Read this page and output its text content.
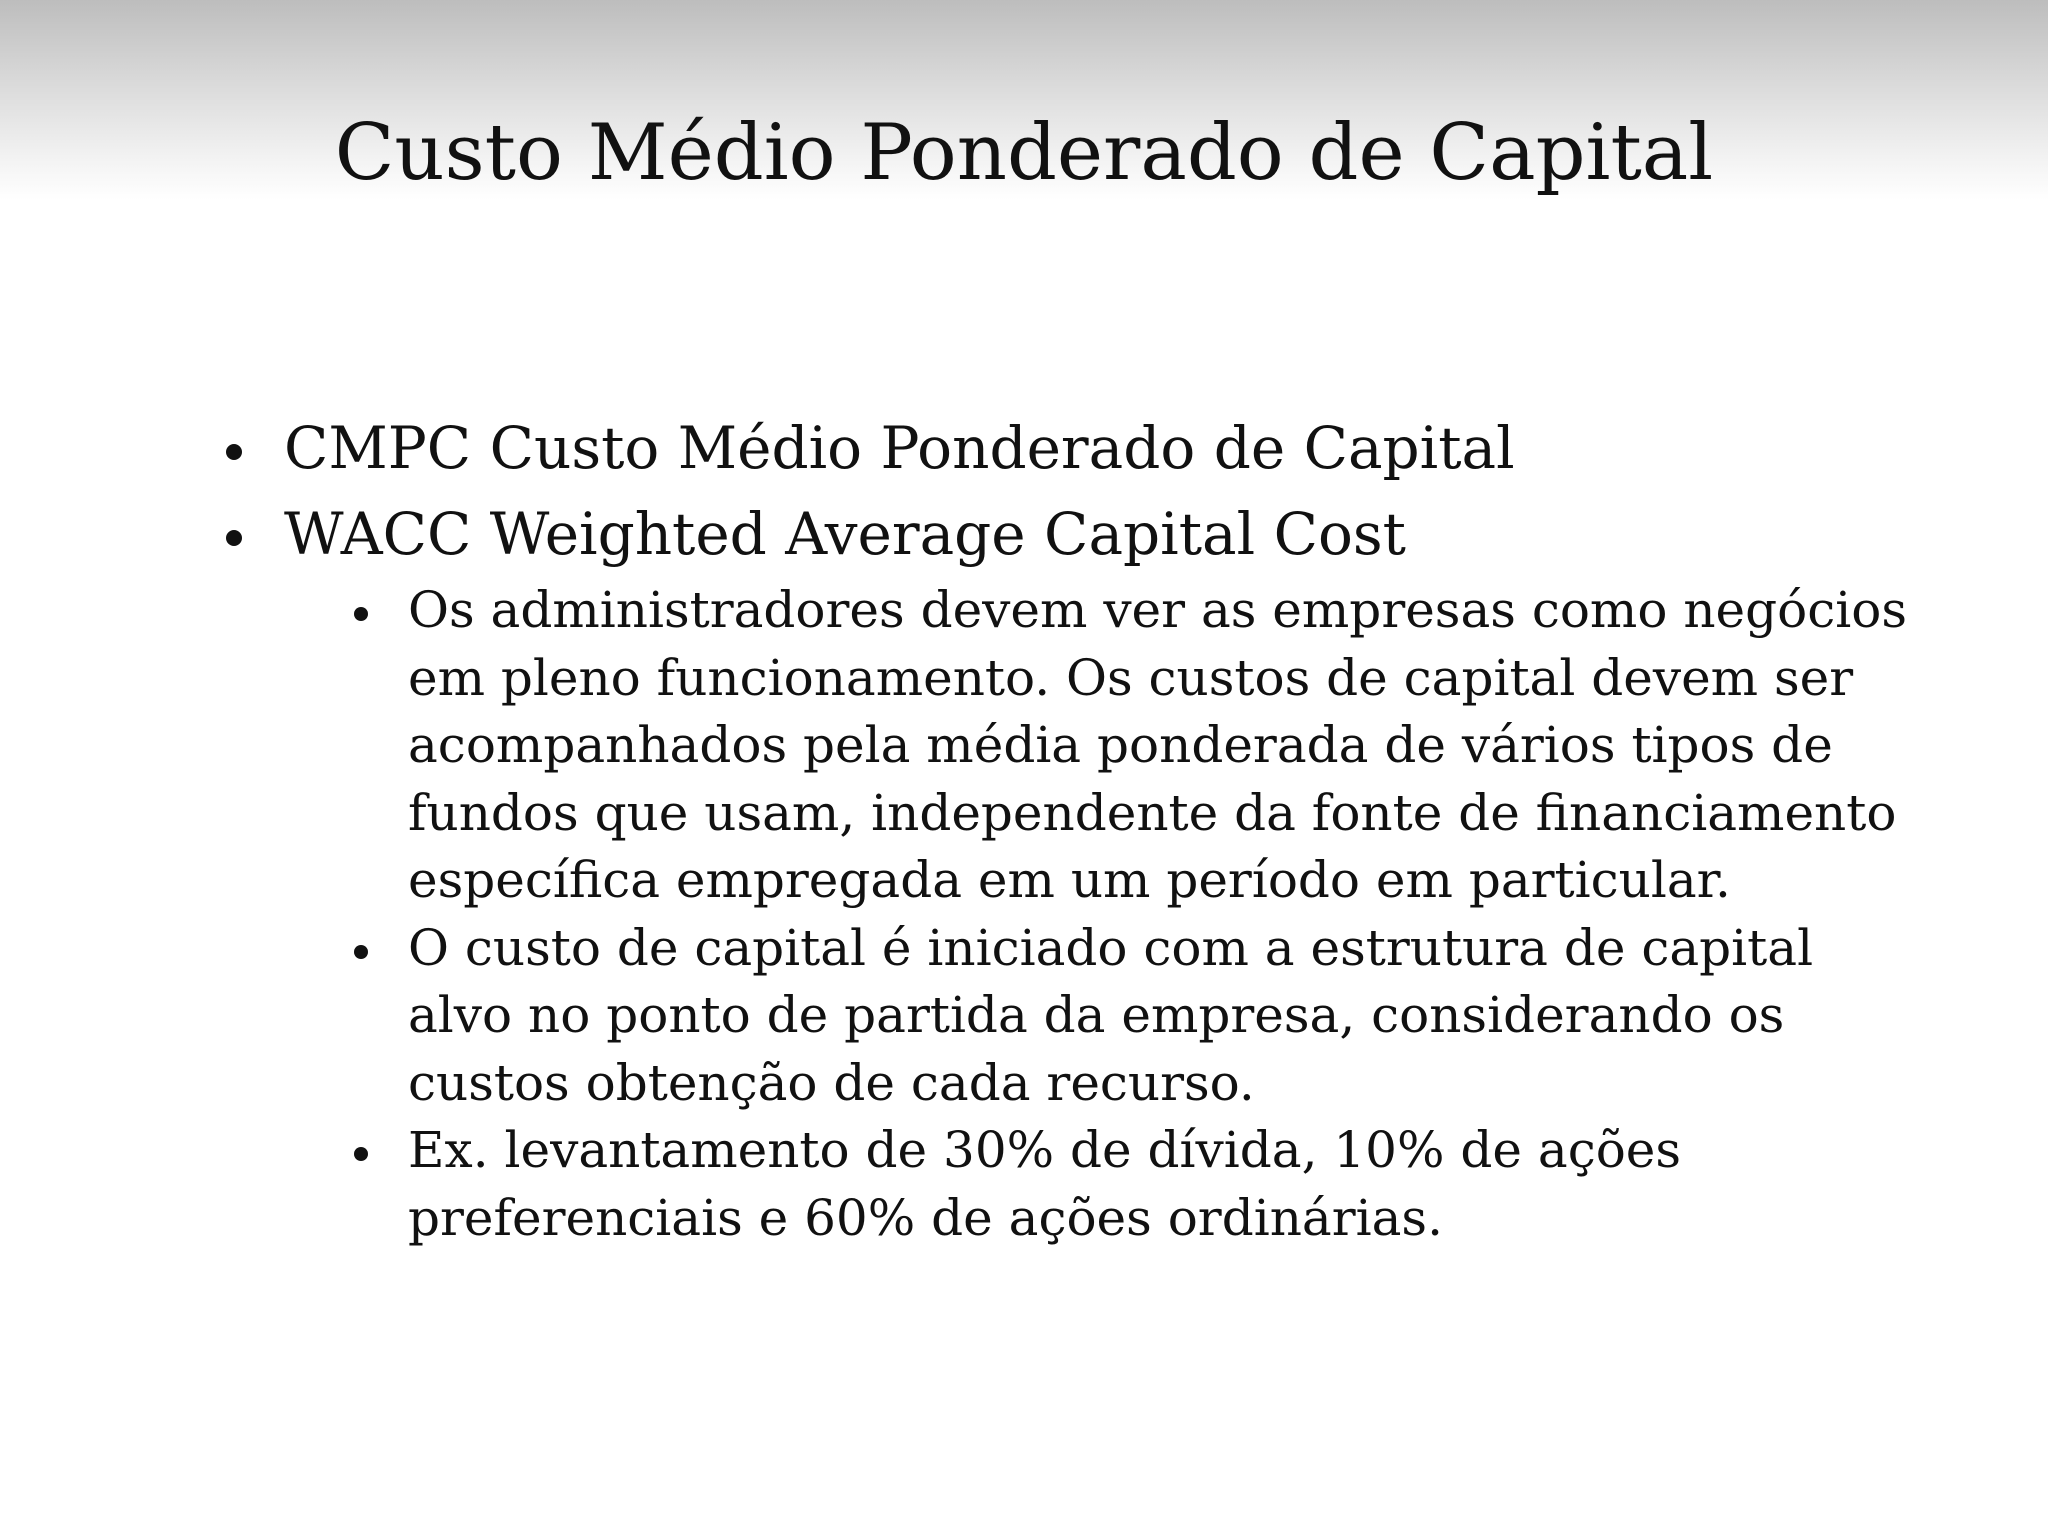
Custo Médio Ponderado de Capital
CMPC Custo Médio Ponderado de Capital
WACC Weighted Average Capital Cost
Os administradores devem ver as empresas como negócios em pleno funcionamento. Os custos de capital devem ser acompanhados pela média ponderada de vários tipos de fundos que usam, independente da fonte de financiamento específica empregada em um período em particular.
O custo de capital é iniciado com a estrutura de capital alvo no ponto de partida da empresa, considerando os custos obtenção de cada recurso.
Ex. levantamento de 30% de dívida, 10% de ações preferenciais e 60% de ações ordinárias.
